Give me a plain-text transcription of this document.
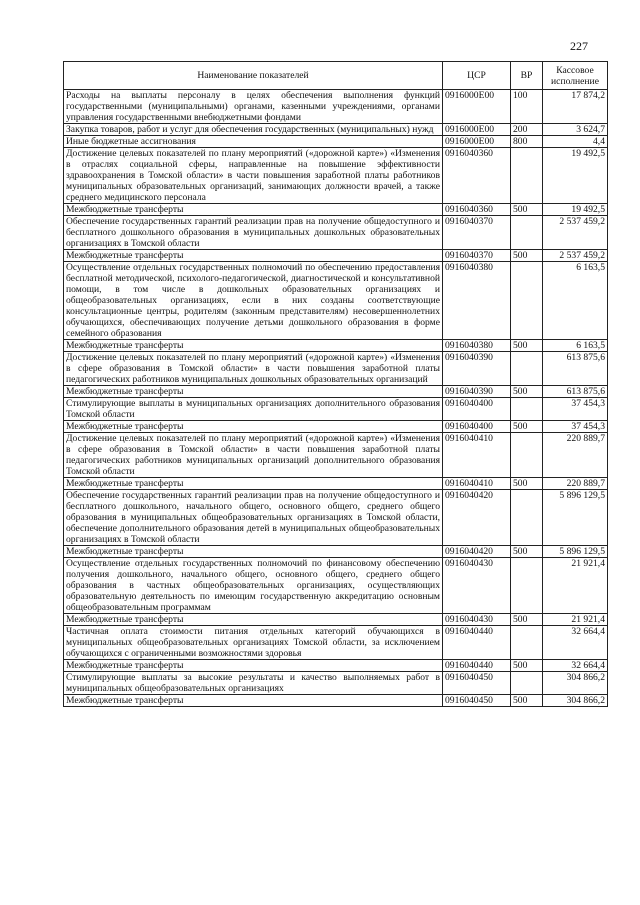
227
Наименование показателей	ЦСР	ВР	Кассовое исполнение
Расходы на выплаты персоналу в целях обеспечения выполнения функций государственными (муниципальными) органами, казенными учреждениями, органами управления государственными внебюджетными фондами	0916000E00	100	17 874,2
Закупка товаров, работ и услуг для обеспечения государственных (муниципальных) нужд	0916000E00	200	3 624,7
Иные бюджетные ассигнования	0916000E00	800	4,4
Достижение целевых показателей по плану мероприятий («дорожной карте») «Изменения в отраслях социальной сферы, направленные на повышение эффективности здравоохранения в Томской области» в части повышения заработной платы работников муниципальных образовательных организаций, занимающих должности врачей, а также среднего медицинского персонала	0916040360		19 492,5
Межбюджетные трансферты	0916040360	500	19 492,5
Обеспечение государственных гарантий реализации прав на получение общедоступного и бесплатного дошкольного образования в муниципальных дошкольных образовательных организациях в Томской области	0916040370		2 537 459,2
Межбюджетные трансферты	0916040370	500	2 537 459,2
Осуществление отдельных государственных полномочий по обеспечению предоставления бесплатной методической, психолого-педагогической, диагностической и консультативной помощи, в том числе в дошкольных образовательных организациях и общеобразовательных организациях, если в них созданы соответствующие консультационные центры, родителям (законным представителям) несовершеннолетних обучающихся, обеспечивающих получение детьми дошкольного образования в форме семейного образования	0916040380		6 163,5
Межбюджетные трансферты	0916040380	500	6 163,5
Достижение целевых показателей по плану мероприятий («дорожной карте») «Изменения в сфере образования в Томской области» в части повышения заработной платы педагогических работников муниципальных дошкольных образовательных организаций	0916040390		613 875,6
Межбюджетные трансферты	0916040390	500	613 875,6
Стимулирующие выплаты в муниципальных организациях дополнительного образования Томской области	0916040400		37 454,3
Межбюджетные трансферты	0916040400	500	37 454,3
Достижение целевых показателей по плану мероприятий («дорожной карте») «Изменения в сфере образования в Томской области» в части повышения заработной платы педагогических работников муниципальных организаций дополнительного образования Томской области	0916040410		220 889,7
Межбюджетные трансферты	0916040410	500	220 889,7
Обеспечение государственных гарантий реализации прав на получение общедоступного и бесплатного дошкольного, начального общего, основного общего, среднего общего образования в муниципальных общеобразовательных организациях в Томской области, обеспечение дополнительного образования детей в муниципальных общеобразовательных организациях в Томской области	0916040420		5 896 129,5
Межбюджетные трансферты	0916040420	500	5 896 129,5
Осуществление отдельных государственных полномочий по финансовому обеспечению получения дошкольного, начального общего, основного общего, среднего общего образования в частных общеобразовательных организациях, осуществляющих образовательную деятельность по имеющим государственную аккредитацию основным общеобразовательным программам	0916040430		21 921,4
Межбюджетные трансферты	0916040430	500	21 921,4
Частичная оплата стоимости питания отдельных категорий обучающихся в муниципальных общеобразовательных организациях Томской области, за исключением обучающихся с ограниченными возможностями здоровья	0916040440		32 664,4
Межбюджетные трансферты	0916040440	500	32 664,4
Стимулирующие выплаты за высокие результаты и качество выполняемых работ в муниципальных общеобразовательных организациях	0916040450		304 866,2
Межбюджетные трансферты	0916040450	500	304 866,2
